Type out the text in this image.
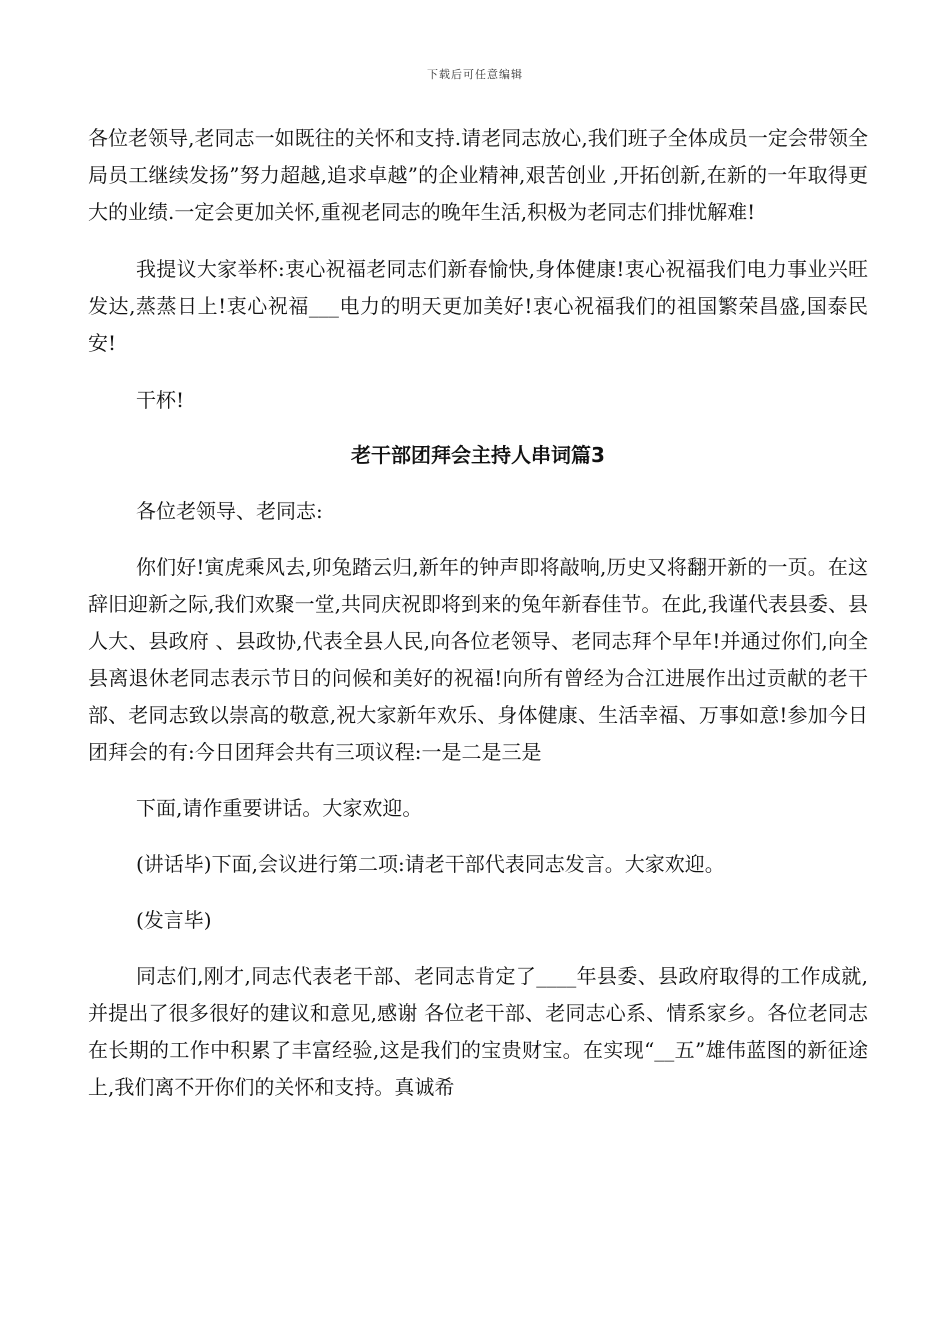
下载后可任意编辑

各位老领导,老同志一如既往的关怀和支持.请老同志放心,我们班子全体成员一定会带领全局员工继续发扬”努力超越,追求卓越”的企业精神,艰苦创业 ,开拓创新,在新的一年取得更大的业绩.一定会更加关怀,重视老同志的晚年生活,积极为老同志们排忧解难!

我提议大家举杯:衷心祝福老同志们新春愉快,身体健康!衷心祝福我们电力事业兴旺发达,蒸蒸日上!衷心祝福___电力的明天更加美好!衷心祝福我们的祖国繁荣昌盛,国泰民安!

干杯!

老干部团拜会主持人串词篇3

各位老领导、老同志:

你们好!寅虎乘风去,卯兔踏云归,新年的钟声即将敲响,历史又将翻开新的一页。在这辞旧迎新之际,我们欢聚一堂,共同庆祝即将到来的兔年新春佳节。在此,我谨代表县委、县人大、县政府 、县政协,代表全县人民,向各位老领导、老同志拜个早年!并通过你们,向全县离退休老同志表示节日的问候和美好的祝福!向所有曾经为合江进展作出过贡献的老干部、老同志致以崇高的敬意,祝大家新年欢乐、身体健康、生活幸福、万事如意!参加今日团拜会的有:今日团拜会共有三项议程:一是二是三是

下面,请作重要讲话。大家欢迎。

(讲话毕)下面,会议进行第二项:请老干部代表同志发言。大家欢迎。

(发言毕)

同志们,刚才,同志代表老干部、老同志肯定了____年县委、县政府取得的工作成就,并提出了很多很好的建议和意见,感谢 各位老干部、老同志心系、情系家乡。各位老同志在长期的工作中积累了丰富经验,这是我们的宝贵财宝。在实现“__五”雄伟蓝图的新征途上,我们离不开你们的关怀和支持。真诚希
